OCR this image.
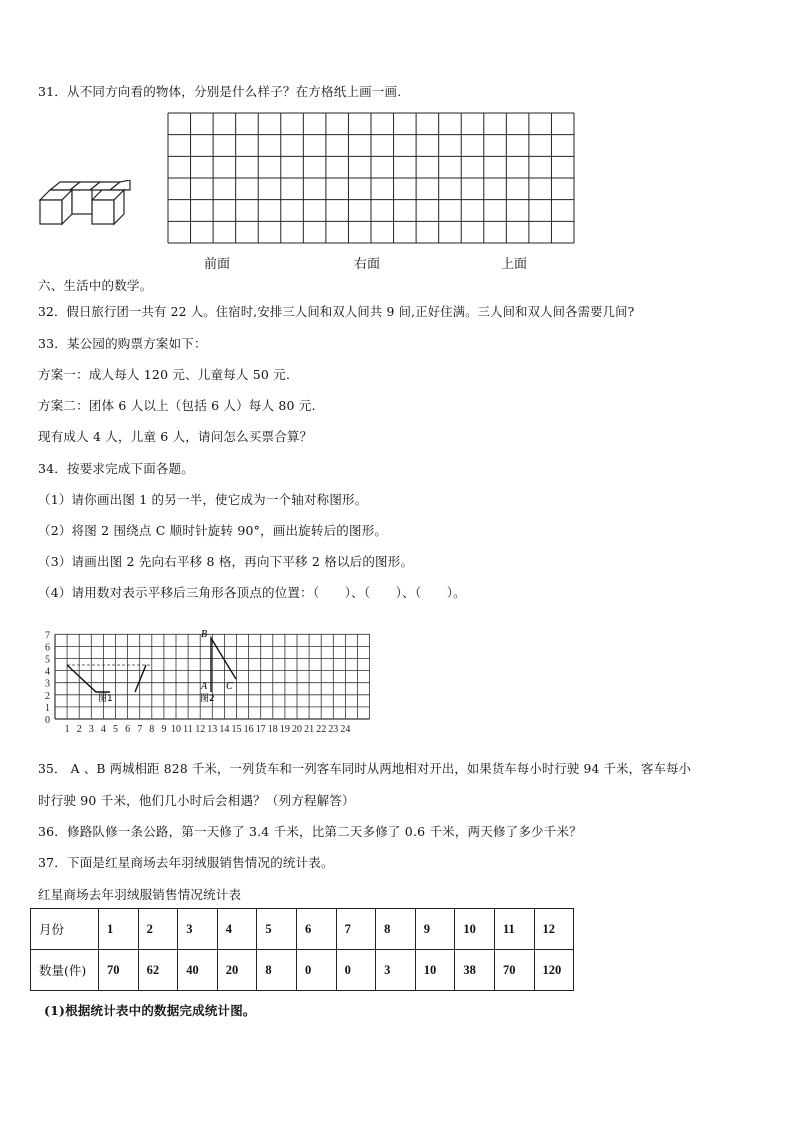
31．从不同方向看的物体，分别是什么样子？在方格纸上画一画.
前面	右面	上面
六、生活中的数学。
32．假日旅行团一共有 22 人。住宿时,安排三人间和双人间共 9 间,正好住满。三人间和双人间各需要几间?
33．某公园的购票方案如下：
方案一：成人每人 120 元、儿童每人 50 元.
方案二：团体 6 人以上（包括 6 人）每人 80 元.
现有成人 4 人，儿童 6 人，请问怎么买票合算？
34．按要求完成下面各题。
（1）请你画出图 1 的另一半，使它成为一个轴对称图形。
（2）将图 2 围绕点 C 顺时针旋转 90°，画出旋转后的图形。
（3）请画出图 2 先向右平移 8 格，再向下平移 2 格以后的图形。
（4）请用数对表示平移后三角形各顶点的位置：（　　）、（　　）、（　　）。
0
1
2
3
4
5
6
7
1 2 3 4 5 6 7 8 9 10 11 12 13 14 15 16 17 18 19 20 21 22 23 24
图1	图2
B
A C
35． A 、B 两城相距 828 千米，一列货车和一列客车同时从两地相对开出，如果货车每小时行驶 94 千米，客车每小
时行驶 90 千米，他们几小时后会相遇？（列方程解答）
36．修路队修一条公路，第一天修了 3.4 千米，比第二天多修了 0.6 千米，两天修了多少千米？
37．下面是红星商场去年羽绒服销售情况的统计表。
红星商场去年羽绒服销售情况统计表
月份	1	2	3	4	5	6	7	8	9	10	11	12
数量(件)	70	62	40	20	8	0	0	3	10	38	70	120
(1)根据统计表中的数据完成统计图。
